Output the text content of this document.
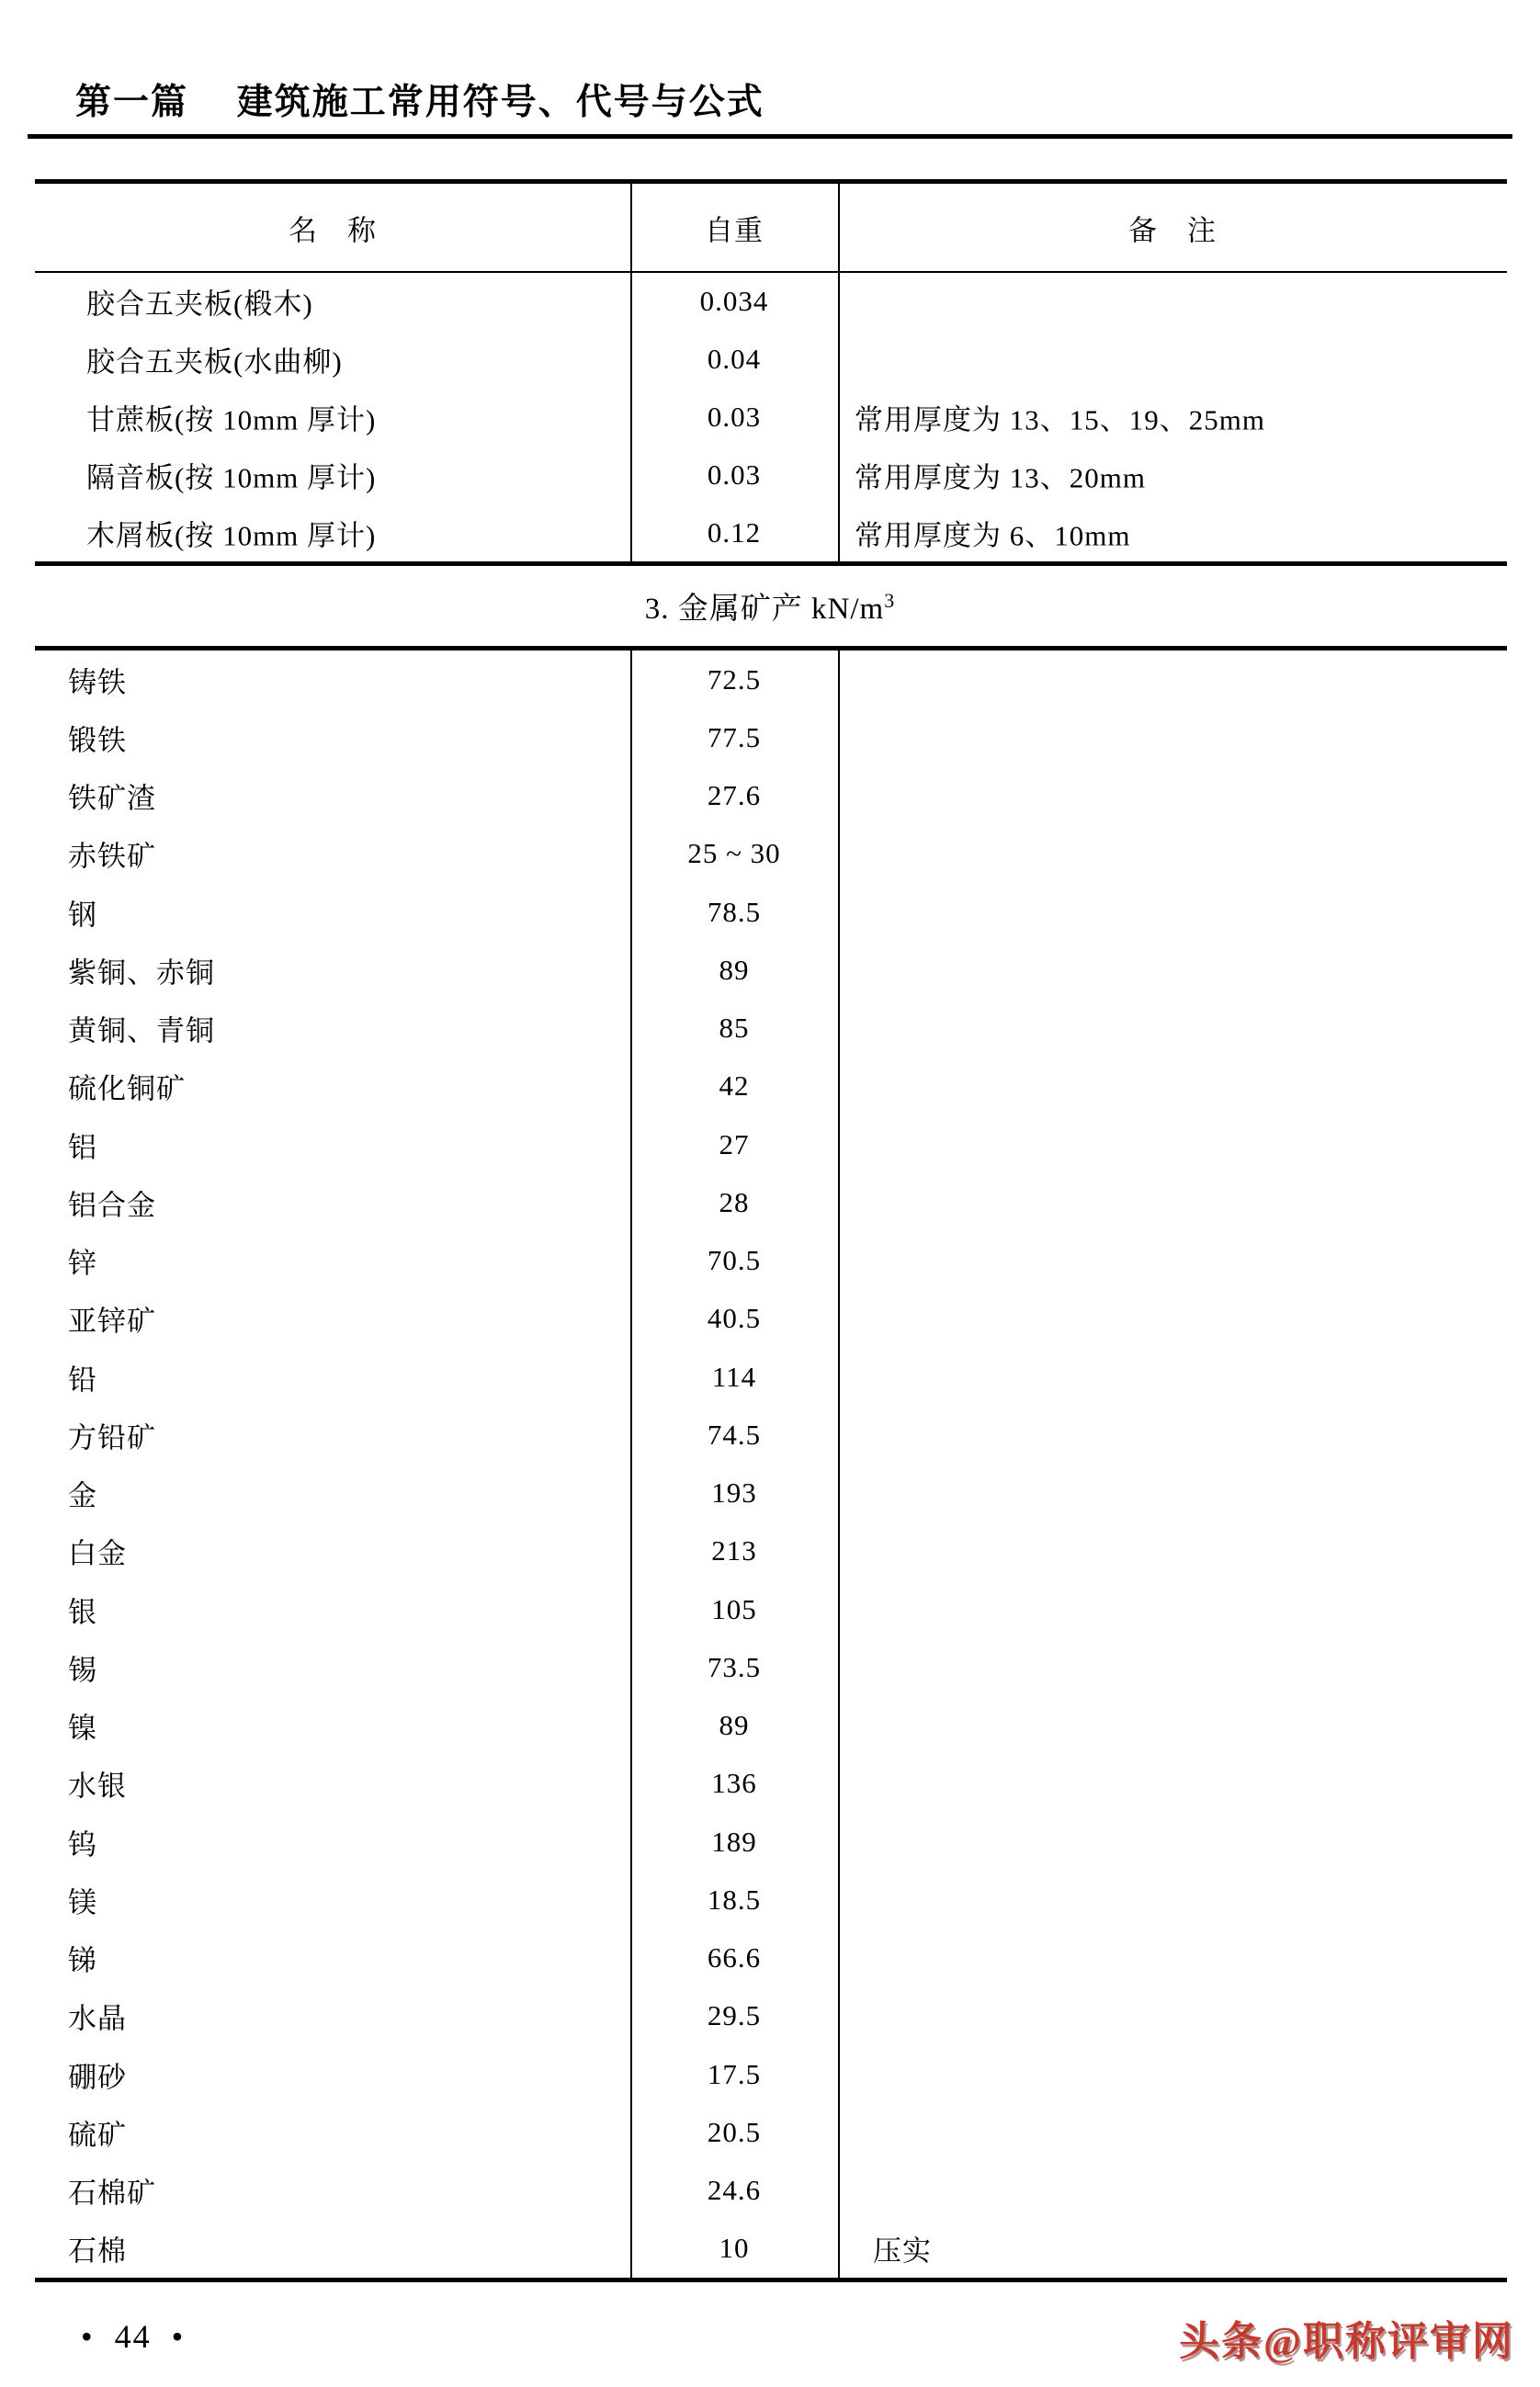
第一篇　 建筑施工常用符号、代号与公式
名　称	自重	备　注
胶合五夹板(椴木)	0.034
胶合五夹板(水曲柳)	0.04
甘蔗板(按 10mm 厚计)	0.03	常用厚度为 13、15、19、25mm
隔音板(按 10mm 厚计)	0.03	常用厚度为 13、20mm
木屑板(按 10mm 厚计)	0.12	常用厚度为 6、10mm
3. 金属矿产 $kN/m^3$
铸铁	72.5
锻铁	77.5
铁矿渣	27.6
赤铁矿	25 ~ 30
钢	78.5
紫铜、赤铜	89
黄铜、青铜	85
硫化铜矿	42
铝	27
铝合金	28
锌	70.5
亚锌矿	40.5
铅	114
方铅矿	74.5
金	193
白金	213
银	105
锡	73.5
镍	89
水银	136
钨	189
镁	18.5
锑	66.6
水晶	29.5
硼砂	17.5
硫矿	20.5
石棉矿	24.6
石棉	10	压实
•  44  •	头条@职称评审网
